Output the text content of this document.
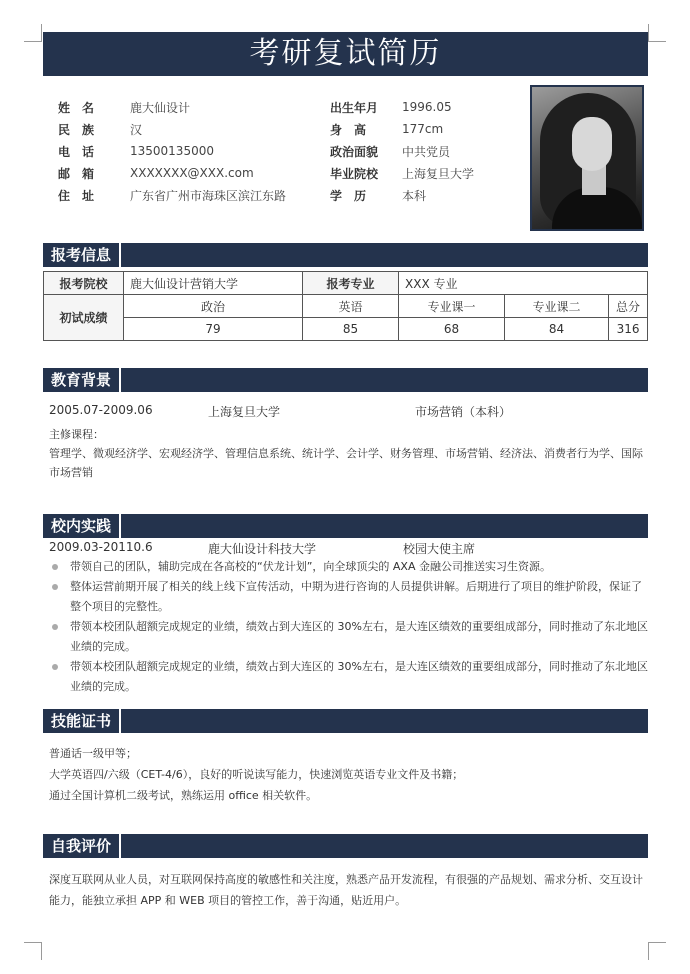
考研复试简历
姓　名	鹿大仙设计
民　族	汉
电　话	13500135000
邮　箱	XXXXXXX@XXX.com
住　址	广东省广州市海珠区滨江东路
出生年月	1996.05
身　高	177cm
政治面貌	中共党员
毕业院校	上海复旦大学
学　历	本科
报考信息
报考院校	鹿大仙设计营销大学	报考专业	XXX 专业		
初试成绩	政治	英语	专业课一	专业课二	总分
	79	85	68	84	316
教育背景
2005.07-2009.06	上海复旦大学	市场营销（本科）
主修课程：
管理学、微观经济学、宏观经济学、管理信息系统、统计学、会计学、财务管理、市场营销、经济法、消费者行为学、国际市场营销
校内实践
2009.03-20110.6	鹿大仙设计科技大学	校园大使主席
带领自己的团队，辅助完成在各高校的“伏龙计划”，向全球顶尖的 AXA 金融公司推送实习生资源。
整体运营前期开展了相关的线上线下宣传活动，中期为进行咨询的人员提供讲解。后期进行了项目的维护阶段，保证了整个项目的完整性。
带领本校团队超额完成规定的业绩，绩效占到大连区的 30%左右，是大连区绩效的重要组成部分，同时推动了东北地区业绩的完成。
带领本校团队超额完成规定的业绩，绩效占到大连区的 30%左右，是大连区绩效的重要组成部分，同时推动了东北地区业绩的完成。
技能证书
普通话一级甲等；
大学英语四/六级（CET-4/6），良好的听说读写能力，快速浏览英语专业文件及书籍；
通过全国计算机二级考试，熟练运用 office 相关软件。
自我评价
深度互联网从业人员，对互联网保持高度的敏感性和关注度，熟悉产品开发流程，有很强的产品规划、需求分析、交互设计能力，能独立承担 APP 和 WEB 项目的管控工作，善于沟通，贴近用户。
